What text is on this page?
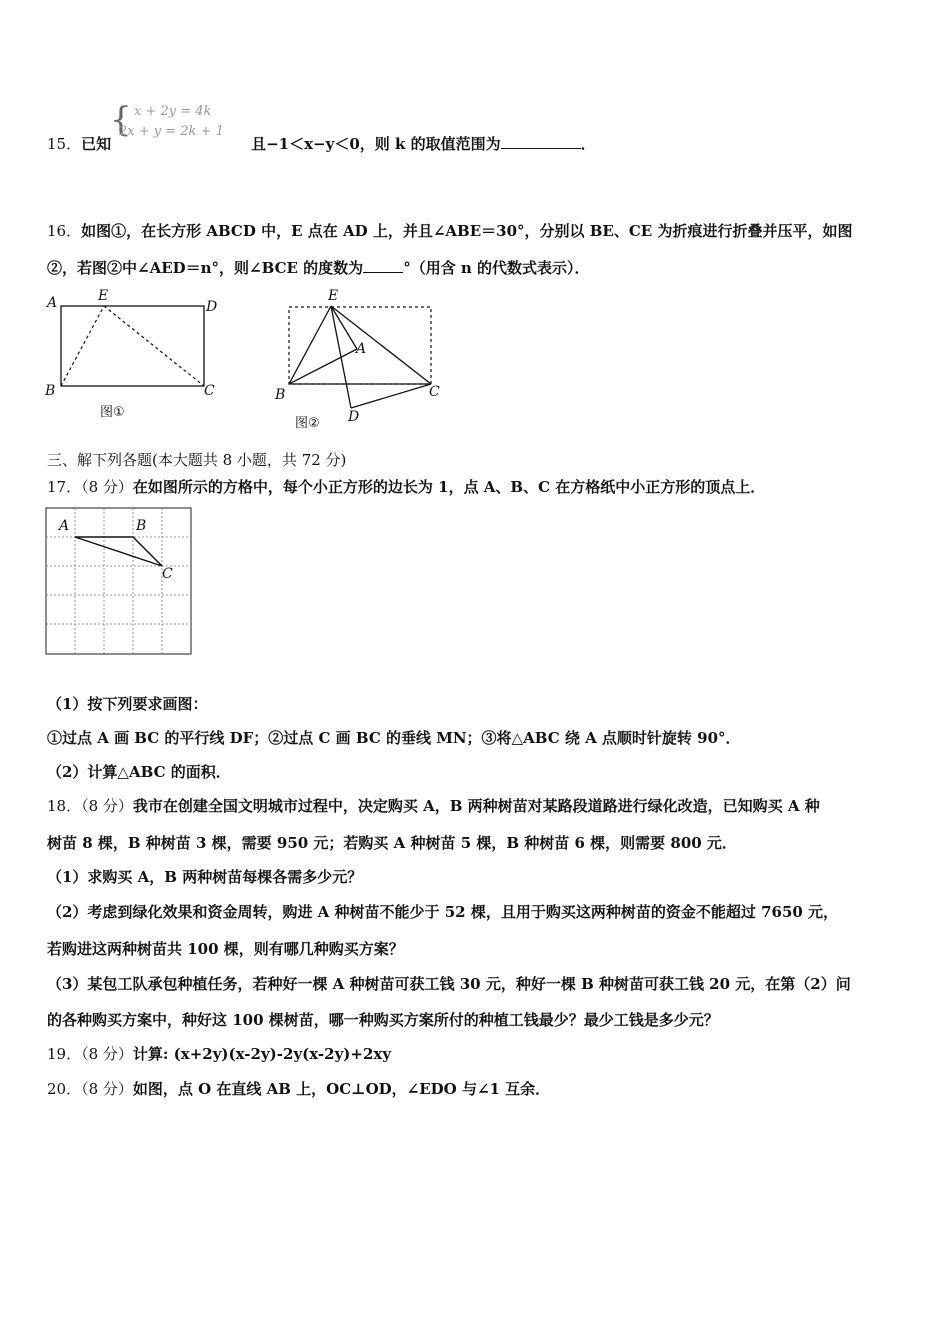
15．已知	且−1＜x−y＜0，则 k 的取值范围为	．
{ 𝑥 + 2𝑦 = 4𝑘
2𝑥 + 𝑦 = 2𝑘 + 1
16．如图①，在长方形 ABCD 中，E 点在 AD 上，并且∠ABE＝30°，分别以 BE、CE 为折痕进行折叠并压平，如图
②，若图②中∠AED＝n°，则∠BCE 的度数为	°（用含 n 的代数式表示）．
A	E
D
B	C
图①
E
A
B	C
D
图②
三、解下列各题(本大题共 8 小题，共 72 分)
17．（8 分）在如图所示的方格中，每个小正方形的边长为 1，点 A、B、C 在方格纸中小正方形的顶点上．
A	B
C
（1）按下列要求画图：
①过点 A 画 BC 的平行线 DF；②过点 C 画 BC 的垂线 MN；③将△ABC 绕 A 点顺时针旋转 90°．
（2）计算△ABC 的面积．
18．（8 分）我市在创建全国文明城市过程中，决定购买 A，B 两种树苗对某路段道路进行绿化改造，已知购买 A 种
树苗 8 棵，B 种树苗 3 棵，需要 950 元；若购买 A 种树苗 5 棵，B 种树苗 6 棵，则需要 800 元．
（1）求购买 A，B 两种树苗每棵各需多少元？
（2）考虑到绿化效果和资金周转，购进 A 种树苗不能少于 52 棵，且用于购买这两种树苗的资金不能超过 7650 元，
若购进这两种树苗共 100 棵，则有哪几种购买方案？
（3）某包工队承包种植任务，若种好一棵 A 种树苗可获工钱 30 元，种好一棵 B 种树苗可获工钱 20 元，在第（2）问
的各种购买方案中，种好这 100 棵树苗，哪一种购买方案所付的种植工钱最少？最少工钱是多少元？
19．（8 分）计算: (x+2y)(x-2y)-2y(x-2y)+2xy
20．（8 分）如图，点 O 在直线 AB 上，OC⊥OD，∠EDO 与∠1 互余．
